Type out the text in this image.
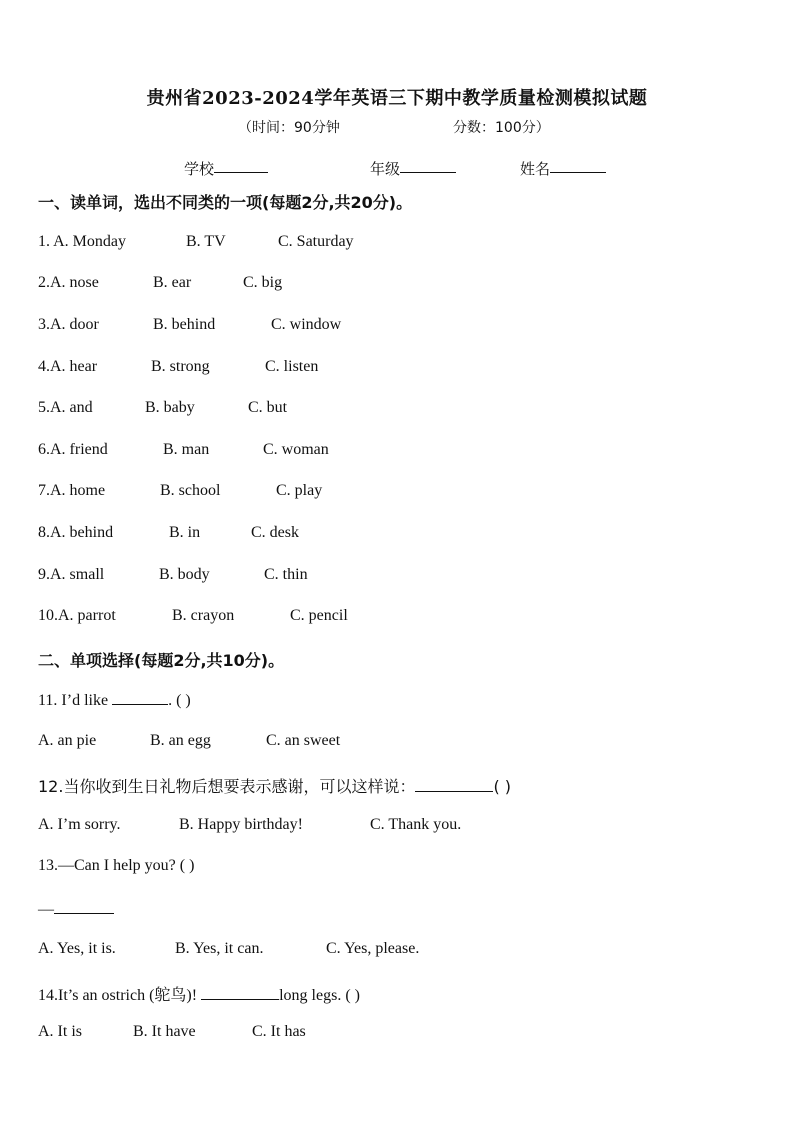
贵州省2023-2024学年英语三下期中教学质量检测模拟试题
（时间：90分钟	分数：100分）
学校	年级	姓名
一、读单词，选出不同类的一项(每题2分,共20分)。
1. A. Monday	B. TV	C. Saturday
2.A. nose	B. ear	C. big
3.A. door	B. behind	C. window
4.A. hear	B. strong	C. listen
5.A. and	B. baby	C. but
6.A. friend	B. man	C. woman
7.A. home	B. school	C. play
8.A. behind	B. in	C. desk
9.A. small	B. body	C. thin
10.A. parrot	B. crayon	C. pencil
二、单项选择(每题2分,共10分)。
11. I’d like	. ( )
A. an pie	B. an egg	C. an sweet
12.当你收到生日礼物后想要表示感谢，可以这样说：	( )
A. I’m sorry.	B. Happy birthday!	C. Thank you.
13.—Can I help you? ( )
—
A. Yes, it is.	B. Yes, it can.	C. Yes, please.
14.It’s an ostrich (鸵鸟)!	long legs. ( )
A. It is	B. It have	C. It has
